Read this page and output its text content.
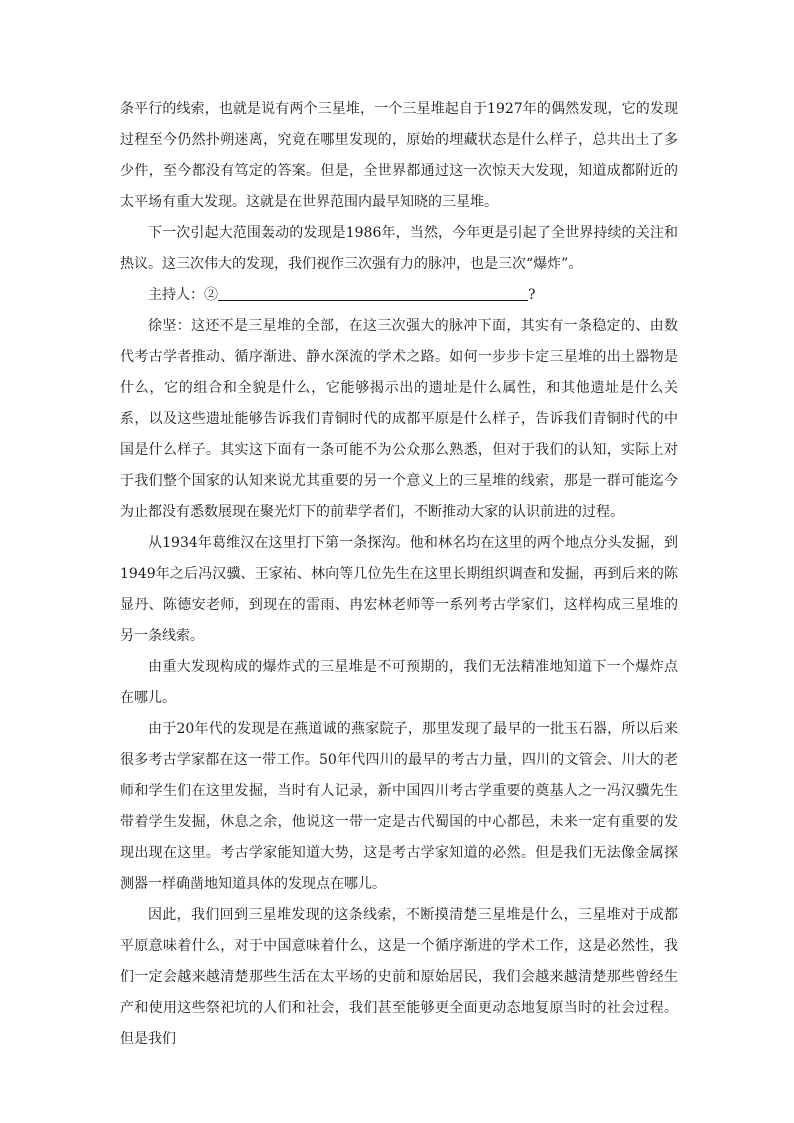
条平行的线索，也就是说有两个三星堆，一个三星堆起自于1927年的偶然发现，它的发现过程至今仍然扑朔迷离，究竟在哪里发现的，原始的埋藏状态是什么样子，总共出土了多少件，至今都没有笃定的答案。但是，全世界都通过这一次惊天大发现，知道成都附近的太平场有重大发现。这就是在世界范围内最早知晓的三星堆。

下一次引起大范围轰动的发现是1986年，当然，今年更是引起了全世界持续的关注和热议。这三次伟大的发现，我们视作三次强有力的脉冲，也是三次“爆炸”。

主持人：②	?

徐坚：这还不是三星堆的全部，在这三次强大的脉冲下面，其实有一条稳定的、由数代考古学者推动、循序渐进、静水深流的学术之路。如何一步步卡定三星堆的出土器物是什么，它的组合和全貌是什么，它能够揭示出的遗址是什么属性，和其他遗址是什么关系，以及这些遗址能够告诉我们青铜时代的成都平原是什么样子，告诉我们青铜时代的中国是什么样子。其实这下面有一条可能不为公众那么熟悉，但对于我们的认知，实际上对于我们整个国家的认知来说尤其重要的另一个意义上的三星堆的线索，那是一群可能迄今为止都没有悉数展现在聚光灯下的前辈学者们，不断推动大家的认识前进的过程。

从1934年葛维汉在这里打下第一条探沟。他和林名均在这里的两个地点分头发掘，到1949年之后冯汉骥、王家祐、林向等几位先生在这里长期组织调查和发掘，再到后来的陈显丹、陈德安老师，到现在的雷雨、冉宏林老师等一系列考古学家们，这样构成三星堆的另一条线索。

由重大发现构成的爆炸式的三星堆是不可预期的，我们无法精准地知道下一个爆炸点在哪儿。

由于20年代的发现是在燕道诚的燕家院子，那里发现了最早的一批玉石器，所以后来很多考古学家都在这一带工作。50年代四川的最早的考古力量，四川的文管会、川大的老师和学生们在这里发掘，当时有人记录，新中国四川考古学重要的奠基人之一冯汉骥先生带着学生发掘，休息之余，他说这一带一定是古代蜀国的中心都邑，未来一定有重要的发现出现在这里。考古学家能知道大势，这是考古学家知道的必然。但是我们无法像金属探测器一样确凿地知道具体的发现点在哪儿。

因此，我们回到三星堆发现的这条线索，不断摸清楚三星堆是什么，三星堆对于成都平原意味着什么，对于中国意味着什么，这是一个循序渐进的学术工作，这是必然性，我们一定会越来越清楚那些生活在太平场的史前和原始居民，我们会越来越清楚那些曾经生产和使用这些祭祀坑的人们和社会，我们甚至能够更全面更动态地复原当时的社会过程。但是我们
